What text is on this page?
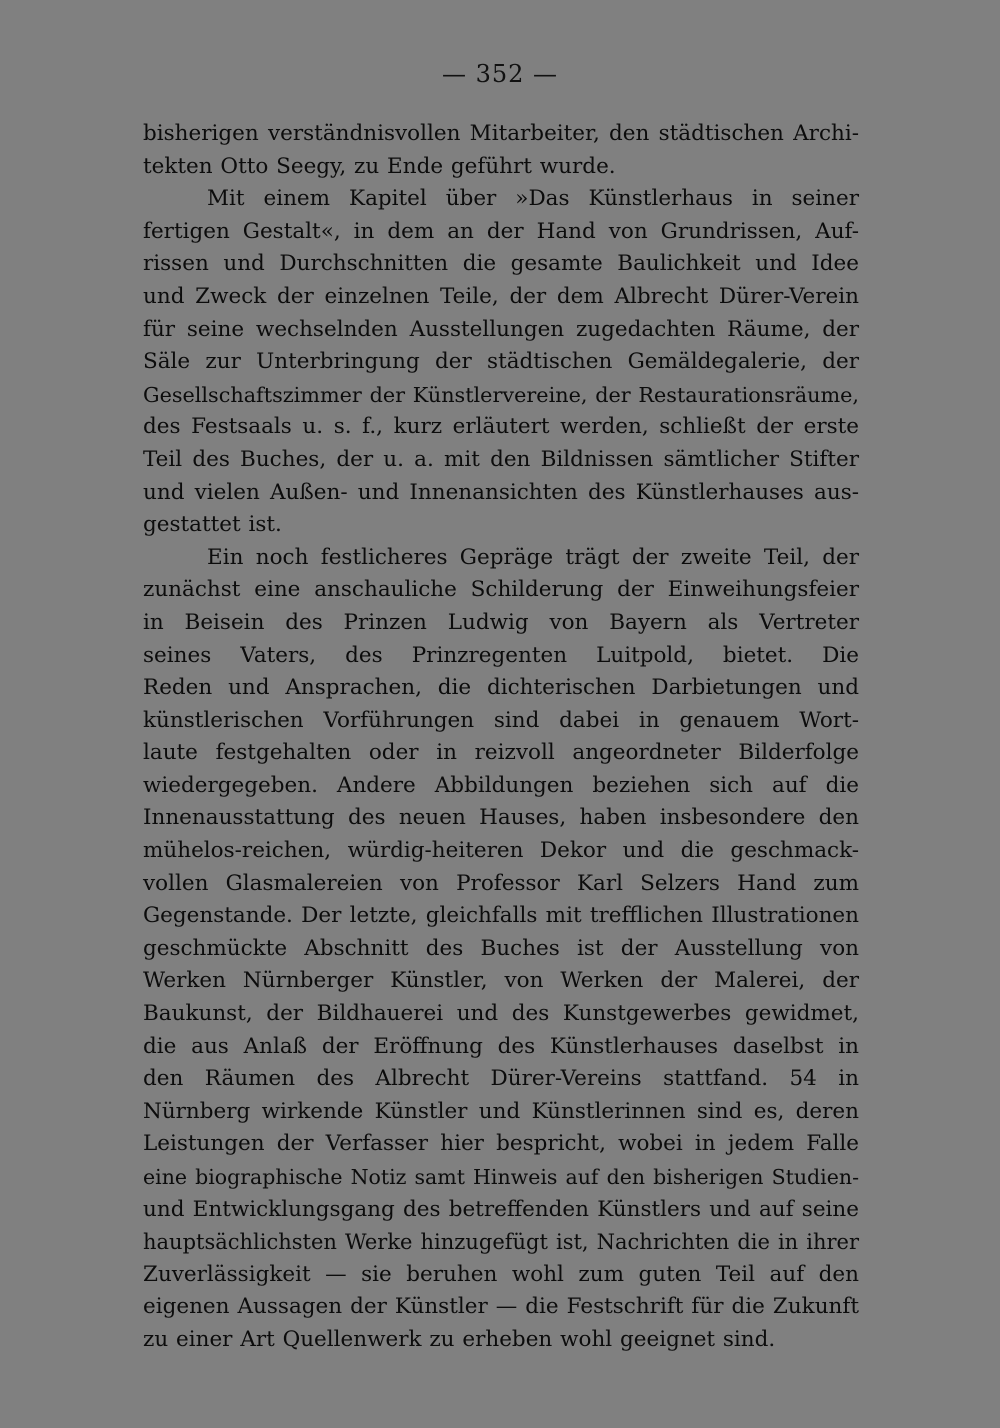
— 352 —
bisherigen verständnisvollen Mitarbeiter, den städtischen Archi-
tekten Otto Seegy, zu Ende geführt wurde.
Mit einem Kapitel über »Das Künstlerhaus in seiner
fertigen Gestalt«, in dem an der Hand von Grundrissen, Auf-
rissen und Durchschnitten die gesamte Baulichkeit und Idee
und Zweck der einzelnen Teile, der dem Albrecht Dürer-Verein
für seine wechselnden Ausstellungen zugedachten Räume, der
Säle zur Unterbringung der städtischen Gemäldegalerie, der
Gesellschaftszimmer der Künstlervereine, der Restaurationsräume,
des Festsaals u. s. f., kurz erläutert werden, schließt der erste
Teil des Buches, der u. a. mit den Bildnissen sämtlicher Stifter
und vielen Außen- und Innenansichten des Künstlerhauses aus-
gestattet ist.
Ein noch festlicheres Gepräge trägt der zweite Teil, der
zunächst eine anschauliche Schilderung der Einweihungsfeier
in Beisein des Prinzen Ludwig von Bayern als Vertreter
seines Vaters, des Prinzregenten Luitpold, bietet. Die
Reden und Ansprachen, die dichterischen Darbietungen und
künstlerischen Vorführungen sind dabei in genauem Wort-
laute festgehalten oder in reizvoll angeordneter Bilderfolge
wiedergegeben. Andere Abbildungen beziehen sich auf die
Innenausstattung des neuen Hauses, haben insbesondere den
mühelos-reichen, würdig-heiteren Dekor und die geschmack-
vollen Glasmalereien von Professor Karl Selzers Hand zum
Gegenstande. Der letzte, gleichfalls mit trefflichen Illustrationen
geschmückte Abschnitt des Buches ist der Ausstellung von
Werken Nürnberger Künstler, von Werken der Malerei, der
Baukunst, der Bildhauerei und des Kunstgewerbes gewidmet,
die aus Anlaß der Eröffnung des Künstlerhauses daselbst in
den Räumen des Albrecht Dürer-Vereins stattfand. 54 in
Nürnberg wirkende Künstler und Künstlerinnen sind es, deren
Leistungen der Verfasser hier bespricht, wobei in jedem Falle
eine biographische Notiz samt Hinweis auf den bisherigen Studien-
und Entwicklungsgang des betreffenden Künstlers und auf seine
hauptsächlichsten Werke hinzugefügt ist, Nachrichten die in ihrer
Zuverlässigkeit — sie beruhen wohl zum guten Teil auf den
eigenen Aussagen der Künstler — die Festschrift für die Zukunft
zu einer Art Quellenwerk zu erheben wohl geeignet sind.
